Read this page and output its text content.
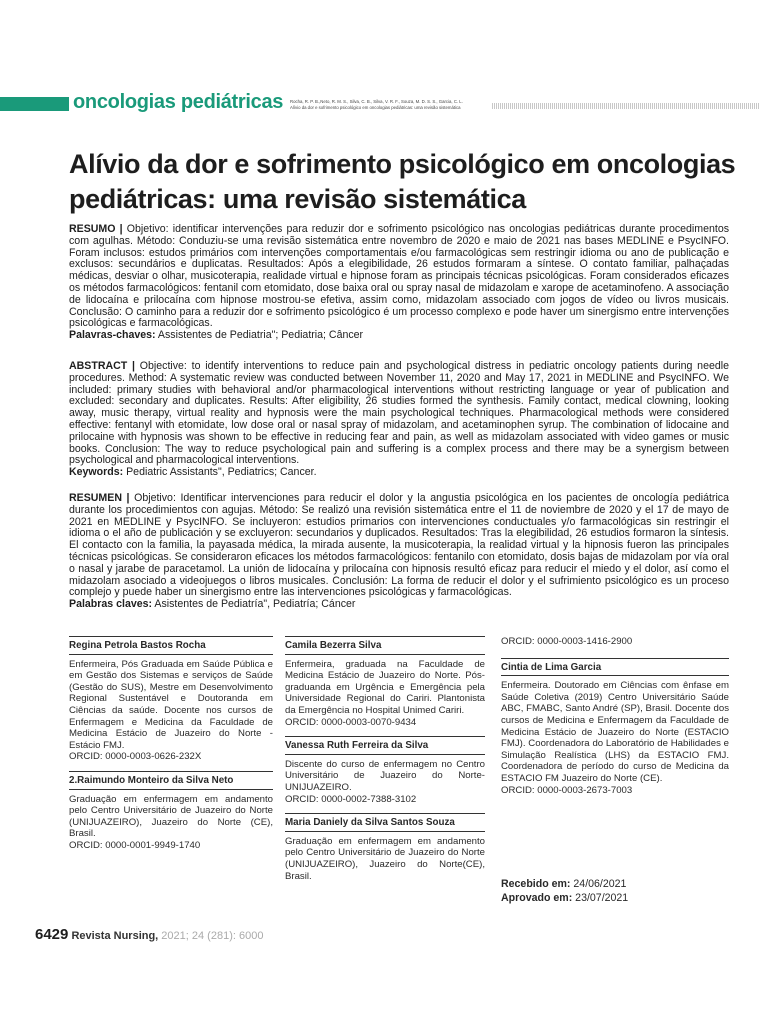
oncologias pediátricas Rocha, R. P. B.,Neto, R. M. S., Silva, C. B., Silva, V. R. F., Souza, M. D. S. S., Garcia, C. L.
Alívio da dor e sofrimento psicológico em oncologias pediátricas: uma revisão sistemática
Alívio da dor e sofrimento psicológico em oncologias pediátricas: uma revisão sistemática

RESUMO | Objetivo: identificar intervenções para reduzir dor e sofrimento psicológico nas oncologias pediátricas durante procedimentos com agulhas. Método: Conduziu-se uma revisão sistemática entre novembro de 2020 e maio de 2021 nas bases MEDLINE e PsycINFO. Foram inclusos: estudos primários com intervenções comportamentais e/ou farmacológicas sem restringir idioma ou ano de publicação e exclusos: secundários e duplicatas. Resultados: Após a elegibilidade, 26 estudos formaram a síntese. O contato familiar, palhaçadas médicas, desviar o olhar, musicoterapia, realidade virtual e hipnose foram as principais técnicas psicológicas. Foram considerados eficazes os métodos farmacológicos: fentanil com etomidato, dose baixa oral ou spray nasal de midazolam e xarope de acetaminofeno. A associação de lidocaína e prilocaína com hipnose mostrou-se efetiva, assim como, midazolam associado com jogos de vídeo ou livros musicais. Conclusão: O caminho para a reduzir dor e sofrimento psicológico é um processo complexo e pode haver um sinergismo entre intervenções psicológicas e farmacológicas.
Palavras-chaves: Assistentes de Pediatria"; Pediatria; Câncer

ABSTRACT | Objective: to identify interventions to reduce pain and psychological distress in pediatric oncology patients during needle procedures. Method: A systematic review was conducted between November 11, 2020 and May 17, 2021 in MEDLINE and PsycINFO. We included: primary studies with behavioral and/or pharmacological interventions without restricting language or year of publication and excluded: secondary and duplicates. Results: After eligibility, 26 studies formed the synthesis. Family contact, medical clowning, looking away, music therapy, virtual reality and hypnosis were the main psychological techniques. Pharmacological methods were considered effective: fentanyl with etomidate, low dose oral or nasal spray of midazolam, and acetaminophen syrup. The combination of lidocaine and prilocaine with hypnosis was shown to be effective in reducing fear and pain, as well as midazolam associated with video games or music books. Conclusion: The way to reduce psychological pain and suffering is a complex process and there may be a synergism between psychological and pharmacological interventions.
Keywords: Pediatric Assistants", Pediatrics; Cancer.

RESUMEN | Objetivo: Identificar intervenciones para reducir el dolor y la angustia psicológica en los pacientes de oncología pediátrica durante los procedimientos con agujas. Método: Se realizó una revisión sistemática entre el 11 de noviembre de 2020 y el 17 de mayo de 2021 en MEDLINE y PsycINFO. Se incluyeron: estudios primarios con intervenciones conductuales y/o farmacológicas sin restringir el idioma o el año de publicación y se excluyeron: secundarios y duplicados. Resultados: Tras la elegibilidad, 26 estudios formaron la síntesis. El contacto con la familia, la payasada médica, la mirada ausente, la musicoterapia, la realidad virtual y la hipnosis fueron las principales técnicas psicológicas. Se consideraron eficaces los métodos farmacológicos: fentanilo con etomidato, dosis bajas de midazolam por vía oral o nasal y jarabe de paracetamol. La unión de lidocaína y prilocaína con hipnosis resultó eficaz para reducir el miedo y el dolor, así como el midazolam asociado a videojuegos o libros musicales. Conclusión: La forma de reducir el dolor y el sufrimiento psicológico es un proceso complejo y puede haber un sinergismo entre las intervenciones psicológicas y farmacológicas.
Palabras claves: Asistentes de Pediatría", Pediatría; Cáncer

Regina Petrola Bastos Rocha

Enfermeira, Pós Graduada em Saúde Pública e em Gestão dos Sistemas e serviços de Saúde (Gestão do SUS), Mestre em Desenvolvimento Regional Sustentável e Doutoranda em Ciências da saúde. Docente nos cursos de Enfermagem e Medicina da Faculdade de Medicina Estácio de Juazeiro do Norte - Estácio FMJ.

ORCID: 0000-0003-0626-232X

2.Raimundo Monteiro da Silva Neto

Graduação em enfermagem em andamento pelo Centro Universitário de Juazeiro do Norte (UNIJUAZEIRO), Juazeiro do Norte (CE), Brasil.

ORCID: 0000-0001-9949-1740

Camila Bezerra Silva

Enfermeira, graduada na Faculdade de Medicina Estácio de Juazeiro do Norte. Pós-graduanda em Urgência e Emergência pela Universidade Regional do Cariri. Plantonista da Emergência no Hospital Unimed Cariri.

ORCID: 0000-0003-0070-9434

Vanessa Ruth Ferreira da Silva

Discente do curso de enfermagem no Centro Universitário de Juazeiro do Norte-UNIJUAZEIRO.

ORCID: 0000-0002-7388-3102

Maria Daniely da Silva Santos Souza

Graduação em enfermagem em andamento pelo Centro Universitário de Juazeiro do Norte (UNIJUAZEIRO), Juazeiro do Norte(CE), Brasil.

ORCID: 0000-0003-1416-2900

Cintia de Lima Garcia

Enfermeira. Doutorado em Ciências com ênfase em Saúde Coletiva (2019) Centro Universitário Saúde ABC, FMABC, Santo André (SP), Brasil. Docente dos cursos de Medicina e Enfermagem da Faculdade de Medicina Estácio de Juazeiro do Norte (ESTACIO FMJ). Coordenadora do Laboratório de Habilidades e Simulação Realística (LHS) da ESTACIO FMJ. Coordenadora de período do curso de Medicina da ESTACIO FM Juazeiro do Norte (CE).

ORCID: 0000-0003-2673-7003

Recebido em: 24/06/2021
Aprovado em: 23/07/2021
6429 Revista Nursing, 2021; 24 (281): 6000
